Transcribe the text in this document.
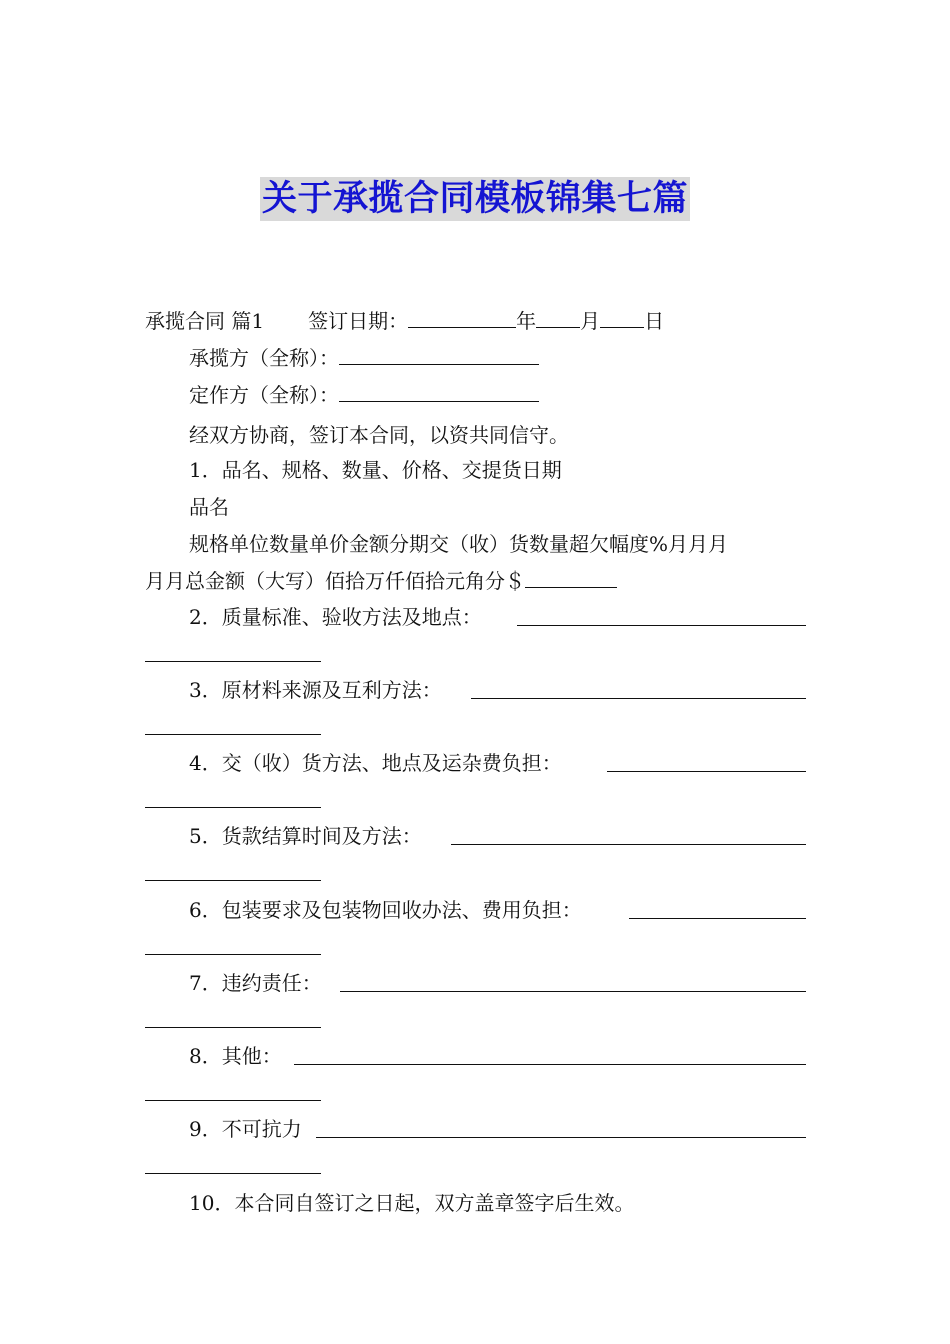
关于承揽合同模板锦集七篇
承揽合同 篇1 签订日期：	年 月 日
承揽方（全称）：
定作方（全称）：
经双方协商，签订本合同，以资共同信守。
1．品名、规格、数量、价格、交提货日期
品名
规格单位数量单价金额分期交（收）货数量超欠幅度%月月月
月月总金额（大写）佰拾万仟佰拾元角分＄
2．质量标准、验收方法及地点：
3．原材料来源及互利方法：
4．交（收）货方法、地点及运杂费负担：
5．货款结算时间及方法：
6．包装要求及包装物回收办法、费用负担：
7．违约责任：
8．其他：
9．不可抗力
10．本合同自签订之日起，双方盖章签字后生效。
